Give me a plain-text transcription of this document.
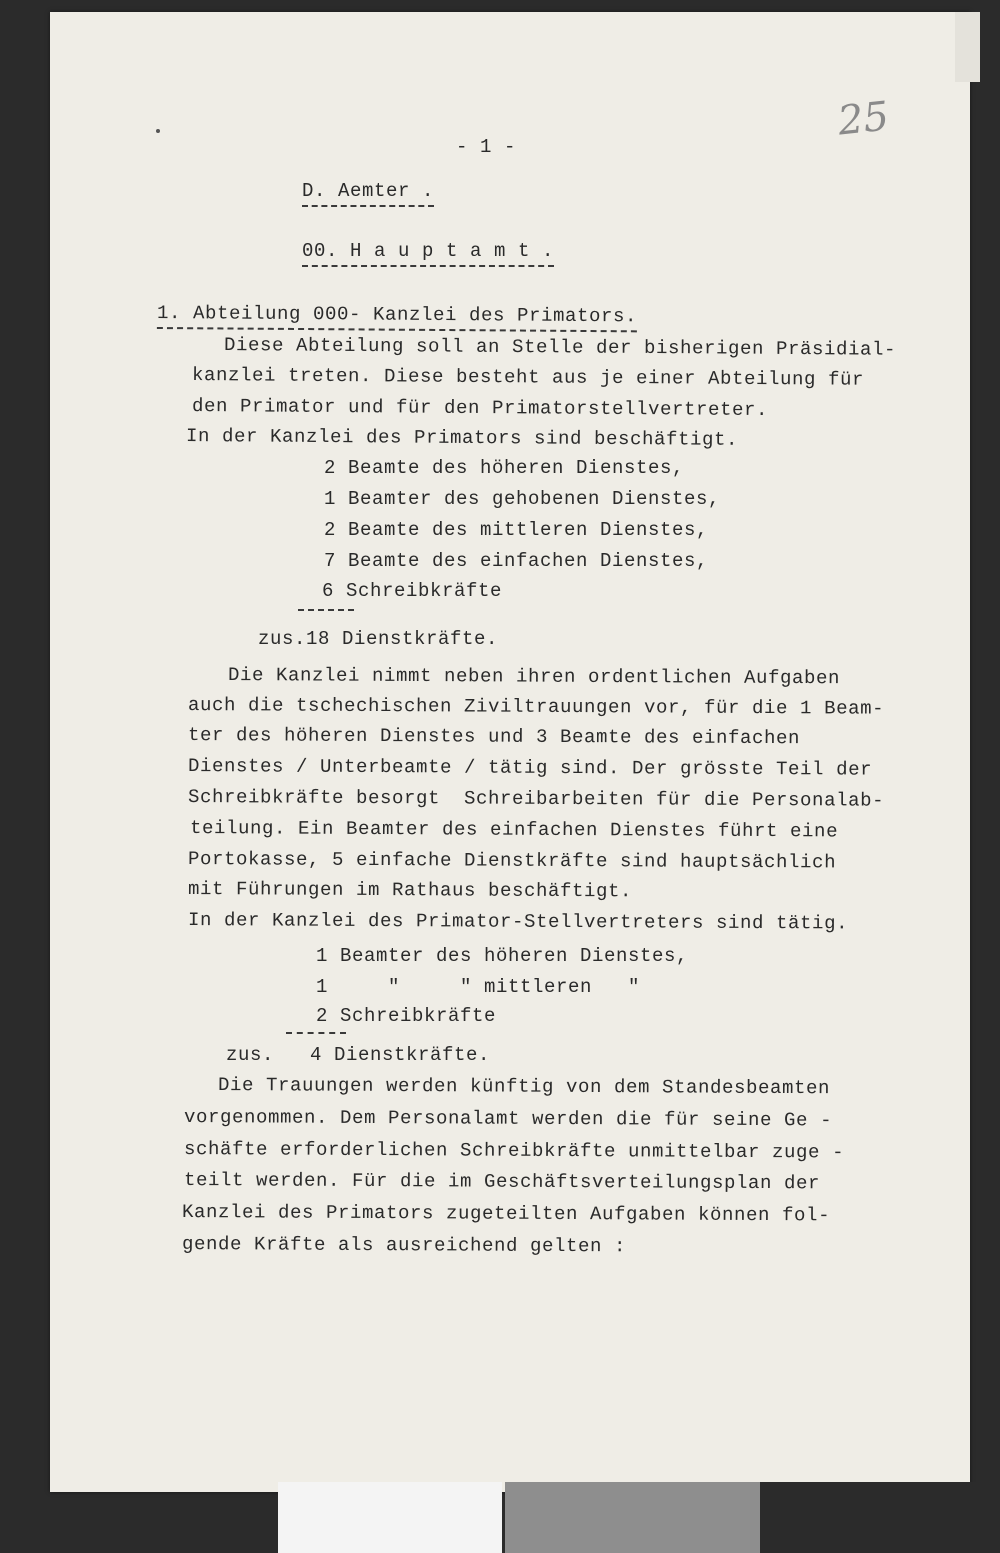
25
- 1 -
D. Aemter .
00. H a u p t a m t .
1. Abteilung 000- Kanzlei des Primators.
Diese Abteilung soll an Stelle der bisherigen Präsidial-
kanzlei treten. Diese besteht aus je einer Abteilung für
den Primator und für den Primatorstellvertreter.
In der Kanzlei des Primators sind beschäftigt.
2 Beamte des höheren Dienstes,
1 Beamter des gehobenen Dienstes,
2 Beamte des mittleren Dienstes,
7 Beamte des einfachen Dienstes,
6 Schreibkräfte
zus.18 Dienstkräfte.
Die Kanzlei nimmt neben ihren ordentlichen Aufgaben
auch die tschechischen Ziviltrauungen vor, für die 1 Beam-
ter des höheren Dienstes und 3 Beamte des einfachen
Dienstes / Unterbeamte / tätig sind. Der grösste Teil der
Schreibkräfte besorgt  Schreibarbeiten für die Personalab-
teilung. Ein Beamter des einfachen Dienstes führt eine
Portokasse, 5 einfache Dienstkräfte sind hauptsächlich
mit Führungen im Rathaus beschäftigt.
In der Kanzlei des Primator-Stellvertreters sind tätig.
1 Beamter des höheren Dienstes,
1     "     " mittleren   "
2 Schreibkräfte
zus.   4 Dienstkräfte.
Die Trauungen werden künftig von dem Standesbeamten
vorgenommen. Dem Personalamt werden die für seine Ge -
schäfte erforderlichen Schreibkräfte unmittelbar zuge -
teilt werden. Für die im Geschäftsverteilungsplan der
Kanzlei des Primators zugeteilten Aufgaben können fol-
gende Kräfte als ausreichend gelten :
